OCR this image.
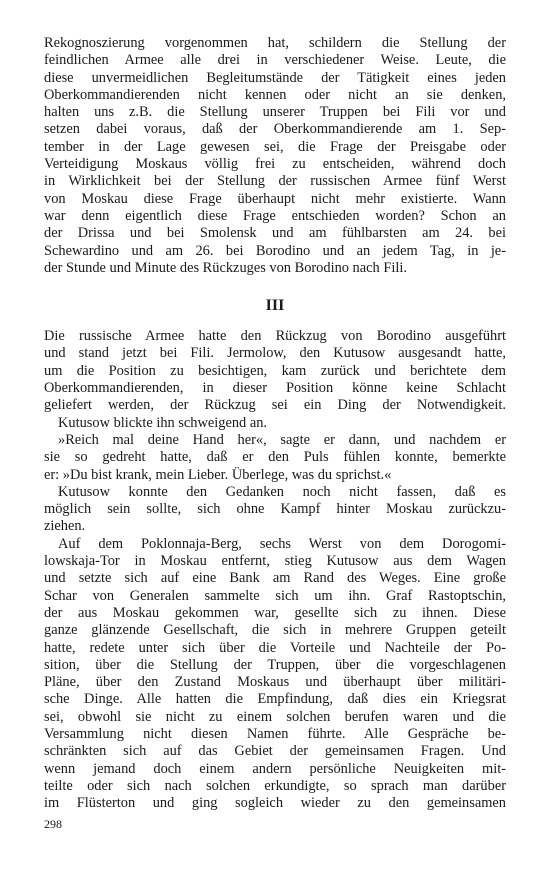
Rekognoszierung vorgenommen hat, schildern die Stellung der
feindlichen Armee alle drei in verschiedener Weise. Leute, die
diese unvermeidlichen Begleitumstände der Tätigkeit eines jeden
Oberkommandierenden nicht kennen oder nicht an sie denken,
halten uns z.B. die Stellung unserer Truppen bei Fili vor und
setzen dabei voraus, daß der Oberkommandierende am 1. Sep-
tember in der Lage gewesen sei, die Frage der Preisgabe oder
Verteidigung Moskaus völlig frei zu entscheiden, während doch
in Wirklichkeit bei der Stellung der russischen Armee fünf Werst
von Moskau diese Frage überhaupt nicht mehr existierte. Wann
war denn eigentlich diese Frage entschieden worden? Schon an
der Drissa und bei Smolensk und am fühlbarsten am 24. bei
Schewardino und am 26. bei Borodino und an jedem Tag, in je-
der Stunde und Minute des Rückzuges von Borodino nach Fili.
III
Die russische Armee hatte den Rückzug von Borodino ausgeführt
und stand jetzt bei Fili. Jermolow, den Kutusow ausgesandt hatte,
um die Position zu besichtigen, kam zurück und berichtete dem
Oberkommandierenden, in dieser Position könne keine Schlacht
geliefert werden, der Rückzug sei ein Ding der Notwendigkeit.
Kutusow blickte ihn schweigend an.
»Reich mal deine Hand her«, sagte er dann, und nachdem er
sie so gedreht hatte, daß er den Puls fühlen konnte, bemerkte
er: »Du bist krank, mein Lieber. Überlege, was du sprichst.«
Kutusow konnte den Gedanken noch nicht fassen, daß es
möglich sein sollte, sich ohne Kampf hinter Moskau zurückzu-
ziehen.
Auf dem Poklonnaja-Berg, sechs Werst von dem Dorogomi-
lowskaja-Tor in Moskau entfernt, stieg Kutusow aus dem Wagen
und setzte sich auf eine Bank am Rand des Weges. Eine große
Schar von Generalen sammelte sich um ihn. Graf Rastoptschin,
der aus Moskau gekommen war, gesellte sich zu ihnen. Diese
ganze glänzende Gesellschaft, die sich in mehrere Gruppen geteilt
hatte, redete unter sich über die Vorteile und Nachteile der Po-
sition, über die Stellung der Truppen, über die vorgeschlagenen
Pläne, über den Zustand Moskaus und überhaupt über militäri-
sche Dinge. Alle hatten die Empfindung, daß dies ein Kriegsrat
sei, obwohl sie nicht zu einem solchen berufen waren und die
Versammlung nicht diesen Namen führte. Alle Gespräche be-
schränkten sich auf das Gebiet der gemeinsamen Fragen. Und
wenn jemand doch einem andern persönliche Neuigkeiten mit-
teilte oder sich nach solchen erkundigte, so sprach man darüber
im Flüsterton und ging sogleich wieder zu den gemeinsamen
298
